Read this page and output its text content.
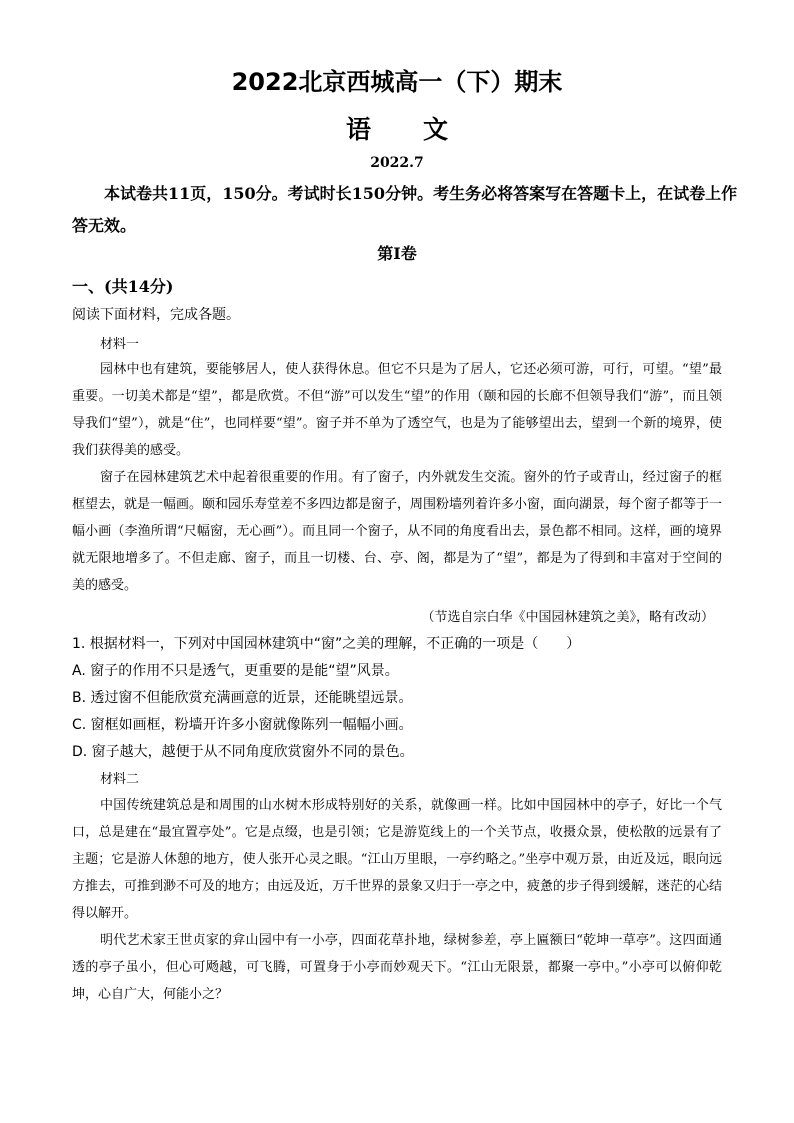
2022北京西城高一（下）期末
语 文
2022.7
本试卷共11页，150分。考试时长150分钟。考生务必将答案写在答题卡上，在试卷上作答无效。
第Ⅰ卷
一、(共14分)
阅读下面材料，完成各题。
材料一
园林中也有建筑，要能够居人，使人获得休息。但它不只是为了居人，它还必须可游，可行，可望。“望”最重要。一切美术都是“望”，都是欣赏。不但“游”可以发生“望”的作用（颐和园的长廊不但领导我们“游”，而且领导我们“望”），就是“住”，也同样要“望”。窗子并不单为了透空气，也是为了能够望出去，望到一个新的境界，使我们获得美的感受。
窗子在园林建筑艺术中起着很重要的作用。有了窗子，内外就发生交流。窗外的竹子或青山，经过窗子的框框望去，就是一幅画。颐和园乐寿堂差不多四边都是窗子，周围粉墙列着许多小窗，面向湖景，每个窗子都等于一幅小画（李渔所谓“尺幅窗，无心画”）。而且同一个窗子，从不同的角度看出去，景色都不相同。这样，画的境界就无限地增多了。不但走廊、窗子，而且一切楼、台、亭、阁，都是为了“望”，都是为了得到和丰富对于空间的美的感受。
（节选自宗白华《中国园林建筑之美》，略有改动）
1. 根据材料一，下列对中国园林建筑中“窗”之美的理解，不正确的一项是（　　）
A. 窗子的作用不只是透气，更重要的是能“望”风景。
B. 透过窗不但能欣赏充满画意的近景，还能眺望远景。
C. 窗框如画框，粉墙开许多小窗就像陈列一幅幅小画。
D. 窗子越大，越便于从不同角度欣赏窗外不同的景色。
材料二
中国传统建筑总是和周围的山水树木形成特别好的关系，就像画一样。比如中国园林中的亭子，好比一个气口，总是建在“最宜置亭处”。它是点缀，也是引领；它是游览线上的一个关节点，收摄众景，使松散的远景有了主题；它是游人休憩的地方，使人张开心灵之眼。“江山万里眼，一亭约略之。”坐亭中观万景，由近及远，眼向远方推去，可推到渺不可及的地方；由远及近，万千世界的景象又归于一亭之中，疲惫的步子得到缓解，迷茫的心结得以解开。
明代艺术家王世贞家的弇山园中有一小亭，四面花草扑地，绿树参差，亭上匾额曰“乾坤一草亭”。这四面通透的亭子虽小，但心可飏越，可飞腾，可置身于小亭而妙观天下。“江山无限景，都聚一亭中。”小亭可以俯仰乾坤，心自广大，何能小之？
